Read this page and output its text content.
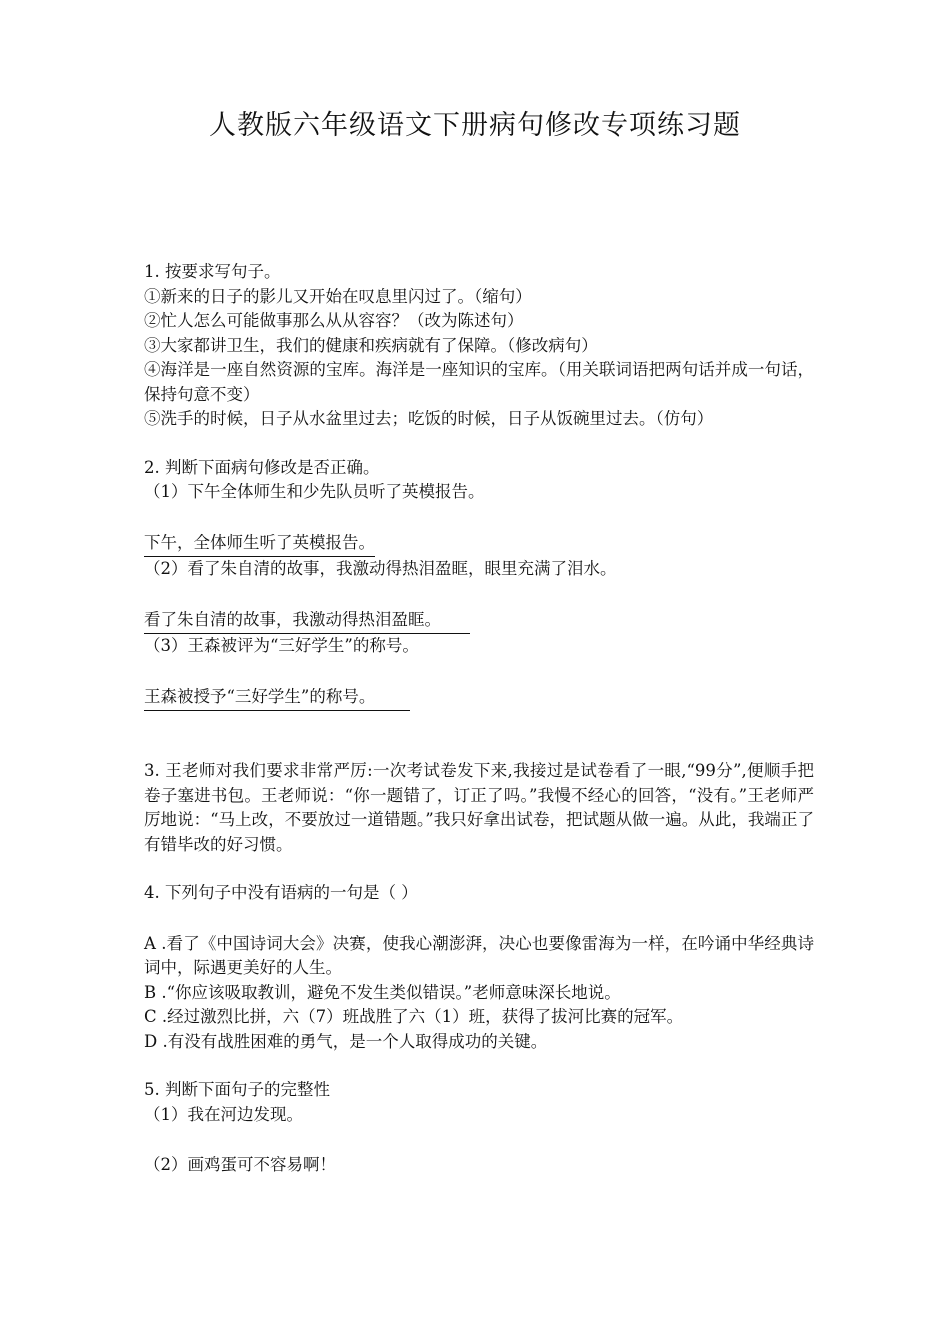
人教版六年级语文下册病句修改专项练习题
1. 按要求写句子。
①新来的日子的影儿又开始在叹息里闪过了。（缩句）
②忙人怎么可能做事那么从从容容？（改为陈述句）
③大家都讲卫生，我们的健康和疾病就有了保障。（修改病句）
④海洋是一座自然资源的宝库。海洋是一座知识的宝库。（用关联词语把两句话并成一句话，保持句意不变）
⑤洗手的时候，日子从水盆里过去；吃饭的时候，日子从饭碗里过去。（仿句）
2. 判断下面病句修改是否正确。
（1）下午全体师生和少先队员听了英模报告。
下午，全体师生听了英模报告。
（2）看了朱自清的故事，我激动得热泪盈眶，眼里充满了泪水。
看了朱自清的故事，我激动得热泪盈眶。
（3）王森被评为“三好学生”的称号。
王森被授予“三好学生”的称号。
3. 王老师对我们要求非常严厉:一次考试卷发下来,我接过是试卷看了一眼,“99分”,便顺手把卷子塞进书包。王老师说：“你一题错了，订正了吗。”我慢不经心的回答，“没有。”王老师严厉地说：“马上改，不要放过一道错题。”我只好拿出试卷，把试题从做一遍。从此，我端正了有错毕改的好习惯。
4. 下列句子中没有语病的一句是（ ）
A .看了《中国诗词大会》决赛，使我心潮澎湃，决心也要像雷海为一样，在吟诵中华经典诗词中，际遇更美好的人生。
B .“你应该吸取教训，避免不发生类似错误。”老师意味深长地说。
C .经过激烈比拼，六（7）班战胜了六（1）班，获得了拔河比赛的冠军。
D .有没有战胜困难的勇气，是一个人取得成功的关键。
5. 判断下面句子的完整性
（1）我在河边发现。
（2）画鸡蛋可不容易啊！
